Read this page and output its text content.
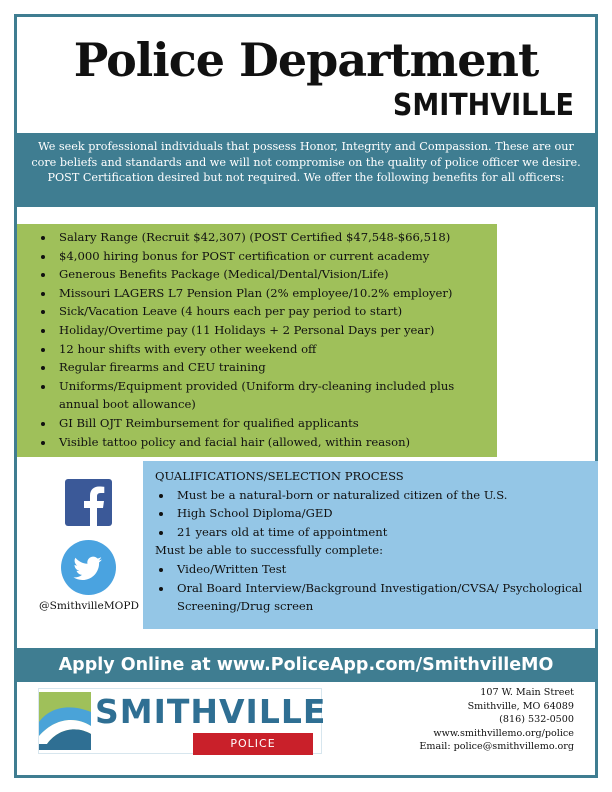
Police Department
SMITHVILLE
We seek professional individuals that possess Honor, Integrity and Compassion. These are our core beliefs and standards and we will not compromise on the quality of police officer we desire. POST Certification desired but not required. We offer the following benefits for all officers:
• Salary Range (Recruit $42,307) (POST Certified $47,548-$66,518)
• $4,000 hiring bonus for POST certification or current academy
• Generous Benefits Package (Medical/Dental/Vision/Life)
• Missouri LAGERS L7 Pension Plan (2% employee/10.2% employer)
• Sick/Vacation Leave (4 hours each per pay period to start)
• Holiday/Overtime pay (11 Holidays + 2 Personal Days per year)
• 12 hour shifts with every other weekend off
• Regular firearms and CEU training
• Uniforms/Equipment provided (Uniform dry-cleaning included plus annual boot allowance)
• GI Bill OJT Reimbursement for qualified applicants
• Visible tattoo policy and facial hair (allowed, within reason)
@SmithvilleMOPD
QUALIFICATIONS/SELECTION PROCESS
• Must be a natural-born or naturalized citizen of the U.S.
• High School Diploma/GED
• 21 years old at time of appointment
Must be able to successfully complete:
• Video/Written Test
• Oral Board Interview/Background Investigation/CVSA/ Psychological Screening/Drug screen
Apply Online at www.PoliceApp.com/SmithvilleMO
SMITHVILLE
POLICE
107 W. Main Street
Smithville, MO 64089
(816) 532-0500
www.smithvillemo.org/police
Email: police@smithvillemo.org
